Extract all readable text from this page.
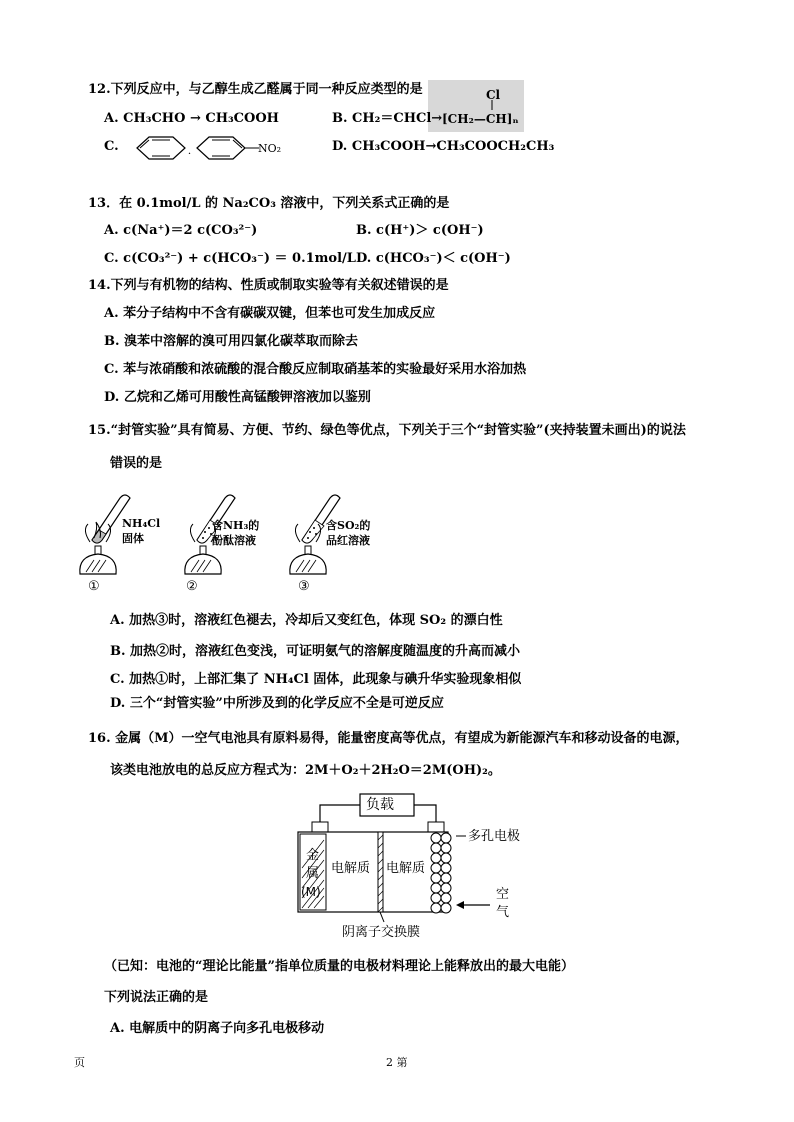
12.下列反应中，与乙醇生成乙醛属于同一种反应类型的是	Cl
A. CH₃CHO → CH₃COOH	B. CH₂＝CHCl→ [CH₂—CH]ₙ
C.	.	NO₂	D. CH₃COOH→CH₃COOCH₂CH₃
13．在 0.1mol/L 的 Na₂CO₃ 溶液中，下列关系式正确的是
A. c(Na⁺)＝2 c(CO₃²⁻)	B. c(H⁺)＞ c(OH⁻)
C. c(CO₃²⁻) + c(HCO₃⁻) ＝ 0.1mol/L D. c(HCO₃⁻)＜ c(OH⁻)
14.下列与有机物的结构、性质或制取实验等有关叙述错误的是
A. 苯分子结构中不含有碳碳双键，但苯也可发生加成反应
B. 溴苯中溶解的溴可用四氯化碳萃取而除去
C. 苯与浓硝酸和浓硫酸的混合酸反应制取硝基苯的实验最好采用水浴加热
D. 乙烷和乙烯可用酸性高锰酸钾溶液加以鉴别
15.“封管实验”具有简易、方便、节约、绿色等优点，下列关于三个“封管实验”(夹持装置未画出)的说法
错误的是
NH₄Cl
固体
含NH₃的
酚酞溶液
含SO₂的
品红溶液
①	②	③
A. 加热③时，溶液红色褪去，冷却后又变红色，体现 SO₂ 的漂白性
B. 加热②时，溶液红色变浅，可证明氨气的溶解度随温度的升高而减小
C. 加热①时，上部汇集了 NH₄Cl 固体，此现象与碘升华实验现象相似
D. 三个“封管实验”中所涉及到的化学反应不全是可逆反应
16. 金属（M）一空气电池具有原料易得，能量密度高等优点，有望成为新能源汽车和移动设备的电源，
该类电池放电的总反应方程式为：2M＋O₂＋2H₂O＝2M(OH)₂。
负载
金
属
(M)
电解质 电解质
多孔电极
阴离子交换膜
空
气
（已知：电池的“理论比能量”指单位质量的电极材料理论上能释放出的最大电能）
下列说法正确的是
A. 电解质中的阴离子向多孔电极移动
页	2 第
